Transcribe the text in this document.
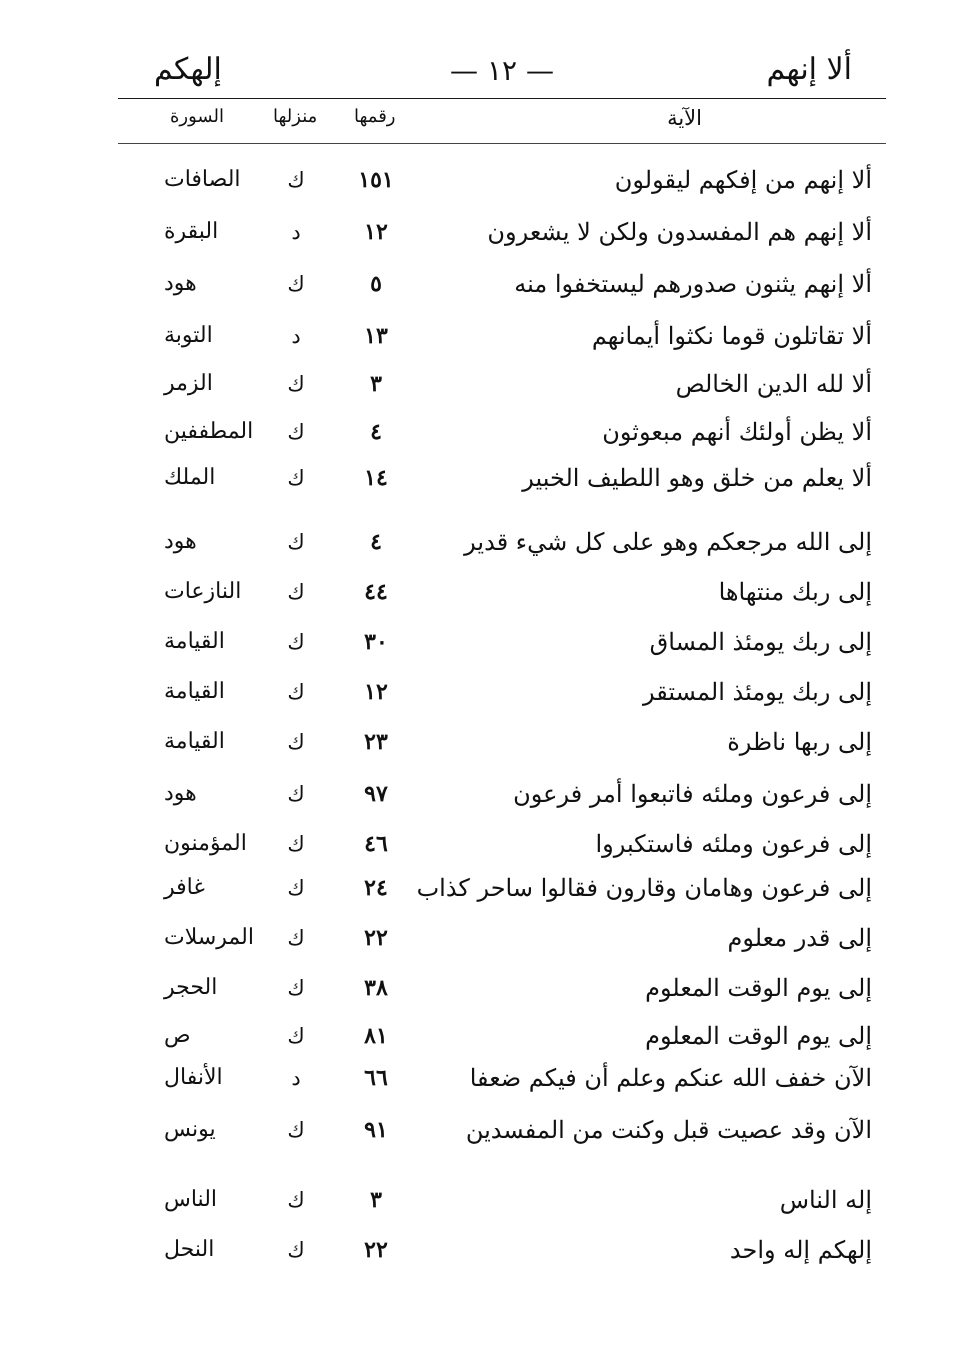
ألا إنهم
— ١٢ —
إلهكم
الآية
رقمها
منزلها
السورة
ألا إنهم من إفكهم ليقولون
١٥١
ك
الصافات
ألا إنهم هم المفسدون ولكن لا يشعرون
١٢
د
البقرة
ألا إنهم يثنون صدورهم ليستخفوا منه
٥
ك
هود
ألا تقاتلون قوما نكثوا أيمانهم
١٣
د
التوبة
ألا لله الدين الخالص
٣
ك
الزمر
ألا يظن أولئك أنهم مبعوثون
٤
ك
المطففين
ألا يعلم من خلق وهو اللطيف الخبير
١٤
ك
الملك
إلى الله مرجعكم وهو على كل شيء قدير
٤
ك
هود
إلى ربك منتهاها
٤٤
ك
النازعات
إلى ربك يومئذ المساق
٣٠
ك
القيامة
إلى ربك يومئذ المستقر
١٢
ك
القيامة
إلى ربها ناظرة
٢٣
ك
القيامة
إلى فرعون وملئه فاتبعوا أمر فرعون
٩٧
ك
هود
إلى فرعون وملئه فاستكبروا
٤٦
ك
المؤمنون
إلى فرعون وهامان وقارون فقالوا ساحر كذاب
٢٤
ك
غافر
إلى قدر معلوم
٢٢
ك
المرسلات
إلى يوم الوقت المعلوم
٣٨
ك
الحجر
إلى يوم الوقت المعلوم
٨١
ك
ص
الآن خفف الله عنكم وعلم أن فيكم ضعفا
٦٦
د
الأنفال
الآن وقد عصيت قبل وكنت من المفسدين
٩١
ك
يونس
إله الناس
٣
ك
الناس
إلهكم إله واحد
٢٢
ك
النحل
